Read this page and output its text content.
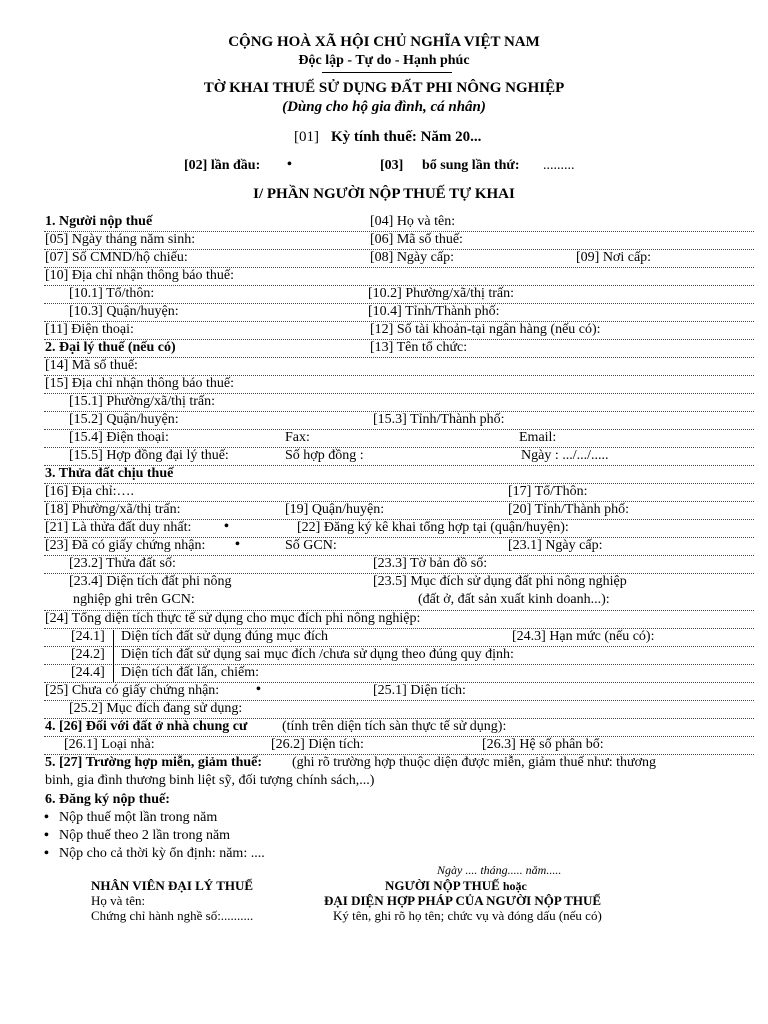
CỘNG HOÀ XÃ HỘI CHỦ NGHĨA VIỆT NAM
Độc lập - Tự do - Hạnh phúc
TỜ KHAI THUẾ SỬ DỤNG ĐẤT PHI NÔNG NGHIỆP
(Dùng cho hộ gia đình, cá nhân)
[01] Kỳ tính thuế: Năm 20...
[02] lần đầu: •	[03] bổ sung lần thứ: .........
I/ PHẦN NGƯỜI NỘP THUẾ TỰ KHAI
1. Người nộp thuế	[04] Họ và tên:
[05] Ngày tháng năm sinh:	[06] Mã số thuế:
[07] Số CMND/hộ chiếu:	[08] Ngày cấp:	[09] Nơi cấp:
[10] Địa chỉ nhận thông báo thuế:
[10.1] Tổ/thôn:	[10.2] Phường/xã/thị trấn:
[10.3] Quận/huyện:	[10.4] Tỉnh/Thành phố:
[11] Điện thoại:	[12] Số tài khoản-tại ngân hàng (nếu có):
2. Đại lý thuế (nếu có)	[13] Tên tổ chức:
[14] Mã số thuế:
[15] Địa chỉ nhận thông báo thuế:
[15.1] Phường/xã/thị trấn:
[15.2] Quận/huyện:	[15.3] Tỉnh/Thành phố:
[15.4] Điện thoại:	Fax:	Email:
[15.5] Hợp đồng đại lý thuế:	Số hợp đồng :	Ngày : .../.../.....
3. Thửa đất chịu thuế
[16] Địa chỉ:….	[17] Tổ/Thôn:
[18] Phường/xã/thị trấn:	[19] Quận/huyện:	[20] Tỉnh/Thành phố:
[21] Là thửa đất duy nhất: •	[22] Đăng ký kê khai tổng hợp tại (quận/huyện):
[23] Đã có giấy chứng nhận: •	Số GCN:	[23.1] Ngày cấp:
[23.2] Thửa đất số:	[23.3] Tờ bản đồ số:
[23.4] Diện tích đất phi nông
nghiệp ghi trên GCN:
[23.5] Mục đích sử dụng đất phi nông nghiệp
(đất ở, đất sản xuất kinh doanh...):
[24] Tổng diện tích thực tế sử dụng cho mục đích phi nông nghiệp:
[24.1] Diện tích đất sử dụng đúng mục đích	[24.3] Hạn mức (nếu có):
[24.2] Diện tích đất sử dụng sai mục đích /chưa sử dụng theo đúng quy định:
[24.4] Diện tích đất lấn, chiếm:
[25] Chưa có giấy chứng nhận:	•	[25.1] Diện tích:
[25.2] Mục đích đang sử dụng:
4. [26] Đối với đất ở nhà chung cư (tính trên diện tích sàn thực tế sử dụng):
[26.1] Loại nhà:	[26.2] Diện tích:	[26.3] Hệ số phân bổ:
5. [27] Trường hợp miễn, giảm thuế: (ghi rõ trường hợp thuộc diện được miễn, giảm thuế như: thương
binh, gia đình thương binh liệt sỹ, đối tượng chính sách,...)
6. Đăng ký nộp thuế:
• Nộp thuế một lần trong năm
• Nộp thuế theo 2 lần trong năm
• Nộp cho cả thời kỳ ổn định: năm: ....
Ngày .... tháng..... năm.....
NHÂN VIÊN ĐẠI LÝ THUẾ
Họ và tên:
Chứng chỉ hành nghề số:..........
NGƯỜI NỘP THUẾ hoặc
ĐẠI DIỆN HỢP PHÁP CỦA NGƯỜI NỘP THUẾ
Ký tên, ghi rõ họ tên; chức vụ và đóng dấu (nếu có)
